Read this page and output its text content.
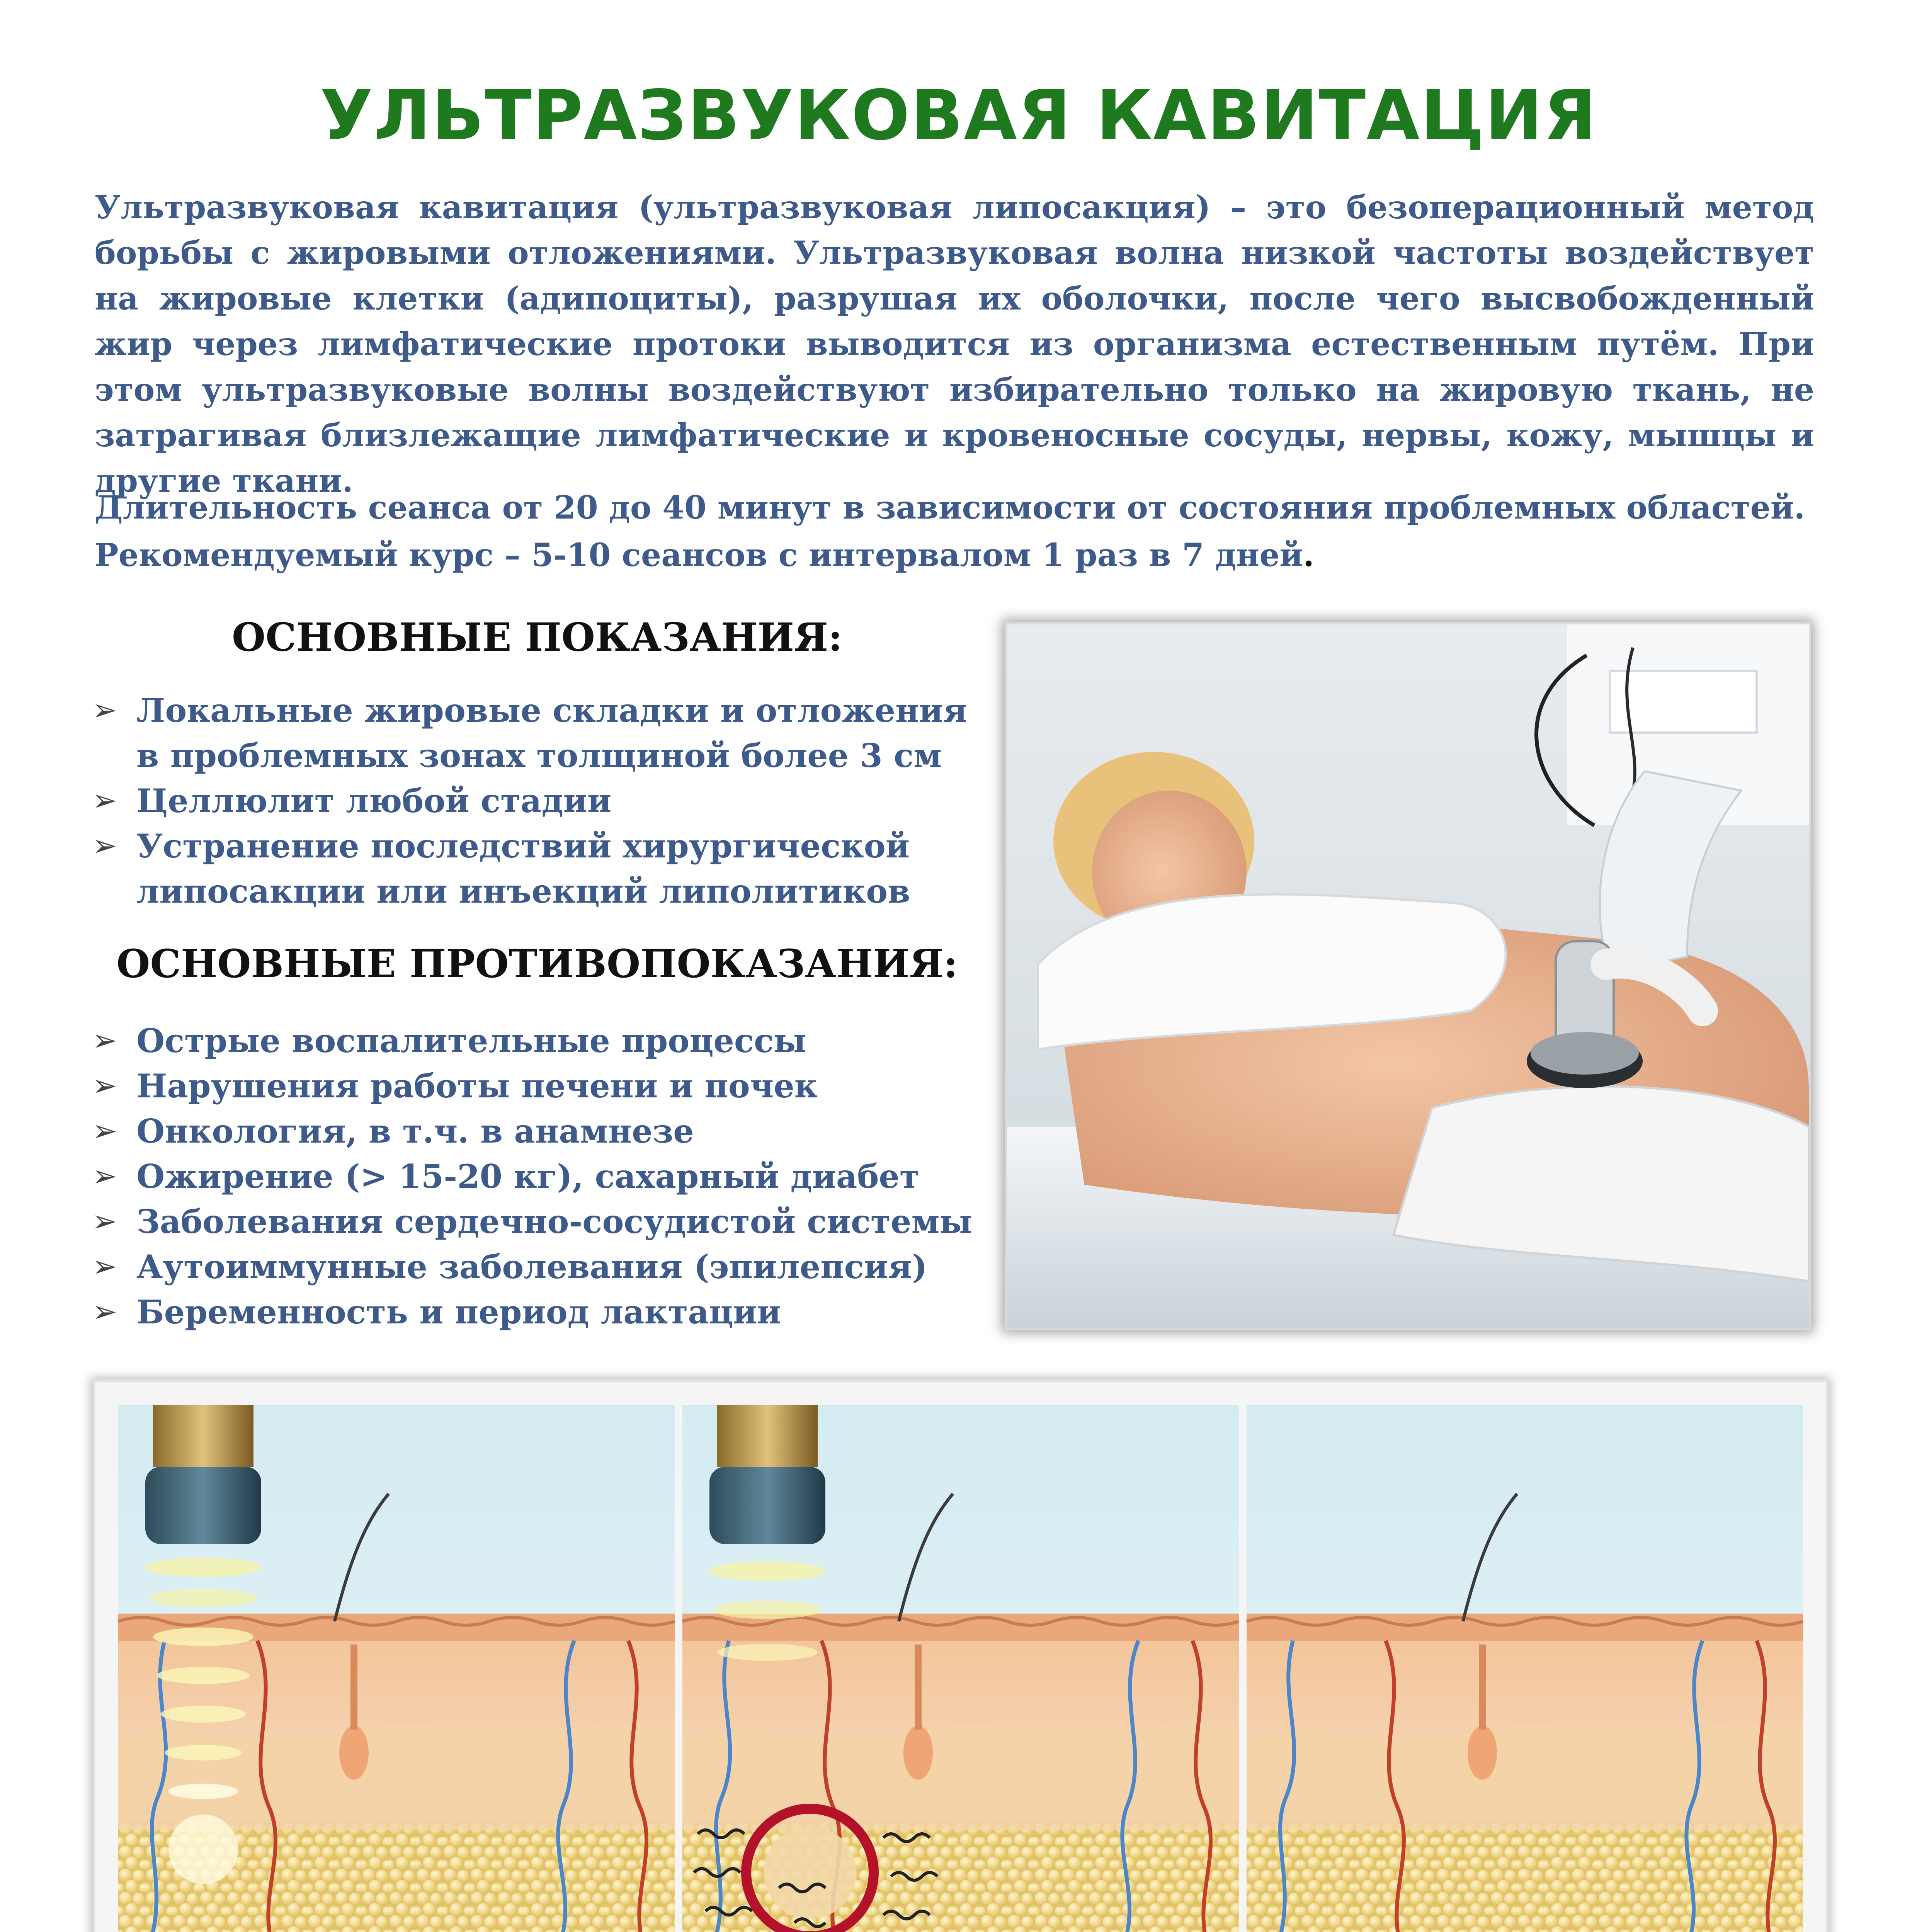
УЛЬТРАЗВУКОВАЯ КАВИТАЦИЯ
Ультразвуковая кавитация (ультразвуковая липосакция) – это безоперационный метод борьбы с жировыми отложениями. Ультразвуковая волна низкой частоты воздействует на жировые клетки (адипоциты), разрушая их оболочки, после чего высвобожденный жир через лимфатические протоки выводится из организма естественным путём. При этом ультразвуковые волны воздействуют избирательно только на жировую ткань, не затрагивая близлежащие лимфатические и кровеносные сосуды, нервы, кожу, мышцы и другие ткани.
Длительность сеанса от 20 до 40 минут в зависимости от состояния проблемных областей.
Рекомендуемый курс – 5-10 сеансов с интервалом 1 раз в 7 дней.
ОСНОВНЫЕ ПОКАЗАНИЯ:
➢ Локальные жировые складки и отложения в проблемных зонах толщиной более 3 см
➢ Целлюлит любой стадии
➢ Устранение последствий хирургической липосакции или инъекций липолитиков
ОСНОВНЫЕ ПРОТИВОПОКАЗАНИЯ:
➢ Острые воспалительные процессы
➢ Нарушения работы печени и почек
➢ Онкология, в т.ч. в анамнезе
➢ Ожирение (> 15-20 кг), сахарный диабет
➢ Заболевания сердечно-сосудистой системы
➢ Аутоиммунные заболевания (эпилепсия)
➢ Беременность и период лактации
